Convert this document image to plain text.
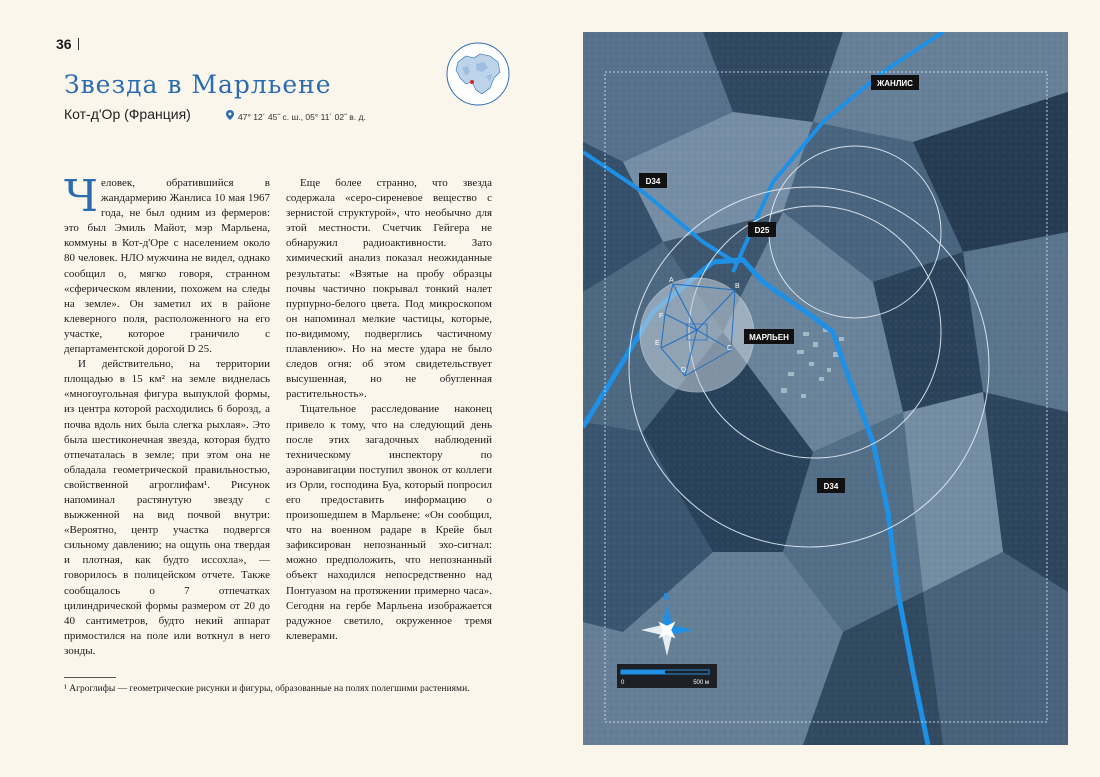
36
Звезда в Марльене
Кот-д'Ор (Франция)	47° 12´ 45˝ с. ш., 05° 11´ 02˝ в. д.

Человек, обратившийся в жандармерию Жанлиса 10 мая 1967 года, не был одним из фермеров: это был Эмиль Майот, мэр Марльена, коммуны в Кот-д'Оре с населением около 80 человек. НЛО мужчина не видел, однако сообщил о, мягко говоря, странном «сферическом явлении, похожем на следы на земле». Он заметил их в районе клеверного поля, расположенного на его участке, которое граничило с департаментской дорогой D 25.

И действительно, на территории площадью в 15 км² на земле виднелась «многоугольная фигура выпуклой формы, из центра которой расходились 6 борозд, а почва вдоль них была слегка рыхлая». Это была шестиконечная звезда, которая будто отпечаталась в земле; при этом она не обладала геометрической правильностью, свойственной агроглифам¹. Рисунок напоминал растянутую звезду с выжженной на вид почвой внутри: «Вероятно, центр участка подвергся сильному давлению; на ощупь она твердая и плотная, как будто иссохла», — говорилось в полицейском отчете. Также сообщалось о 7 отпечатках цилиндрической формы размером от 20 до 40 сантиметров, будто некий аппарат примостился на поле или воткнул в него зонды.

Еще более странно, что звезда содержала «серо-сиреневое вещество с зернистой структурой», что необычно для этой местности. Счетчик Гейгера не обнаружил радиоактивности. Зато химический анализ показал неожиданные результаты: «Взятые на пробу образцы почвы частично покрывал тонкий налет пурпурно-белого цвета. Под микроскопом он напоминал мелкие частицы, которые, по-видимому, подверглись частичному плавлению». Но на месте удара не было следов огня: об этом свидетельствует высушенная, но не обугленная растительность».

Тщательное расследование наконец привело к тому, что на следующий день после этих загадочных наблюдений техническому инспектору по аэронавигации поступил звонок от коллеги из Орли, господина Буа, который попросил его предоставить информацию о произошедшем в Марльене: «Он сообщил, что на военном радаре в Крейе был зафиксирован непознанный эхо-сигнал: можно предположить, что непознанный объект находился непосредственно над Понтуазом на протяжении примерно часа». Сегодня на гербе Марльена изображается радужное светило, окруженное тремя клеверами.

¹ Агроглифы — геометрические рисунки и фигуры, образованные на полях полегшими растениями.
A
B
C
D
E
F
ЖАНЛИС
D34
D25
МАРЛЬЕН
D34
N
0	500 м
